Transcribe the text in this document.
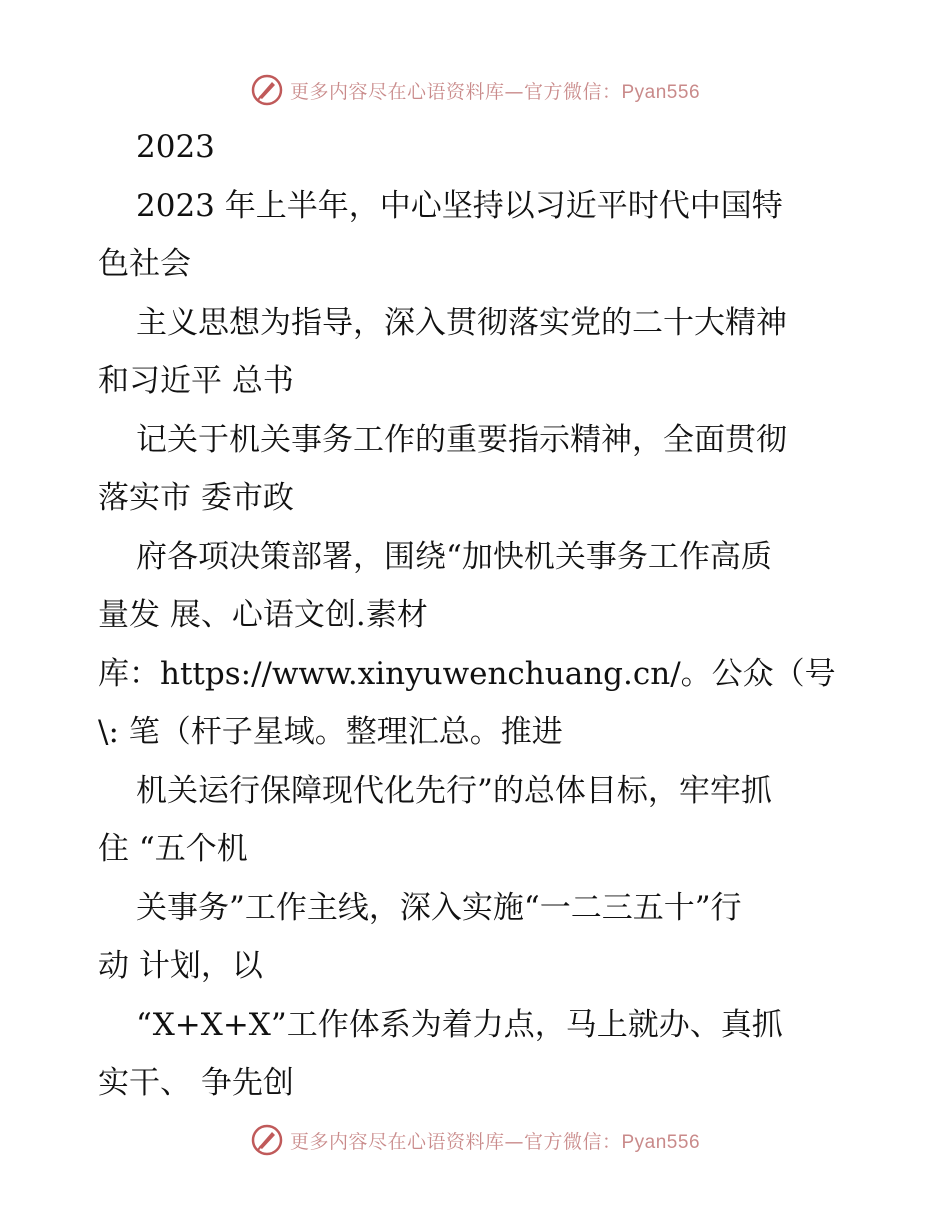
更多内容尽在心语资料库—官方微信：Pyan556
2023
2023 年上半年，中心坚持以习近平时代中国特
色社会
主义思想为指导，深入贯彻落实党的二十大精神
和习近平 总书
记关于机关事务工作的重要指示精神，全面贯彻
落实市 委市政
府各项决策部署，围绕“加快机关事务工作高质
量发 展、心语文创.素材
库：https://www.xinyuwenchuang.cn/。公众（号
\: 笔（杆子星域。整理汇总。推进
机关运行保障现代化先行”的总体目标，牢牢抓
住 “五个机
关事务”工作主线，深入实施“一二三五十”行
动 计划，以
“X+X+X”工作体系为着力点，马上就办、真抓
实干、 争先创
更多内容尽在心语资料库—官方微信：Pyan556
